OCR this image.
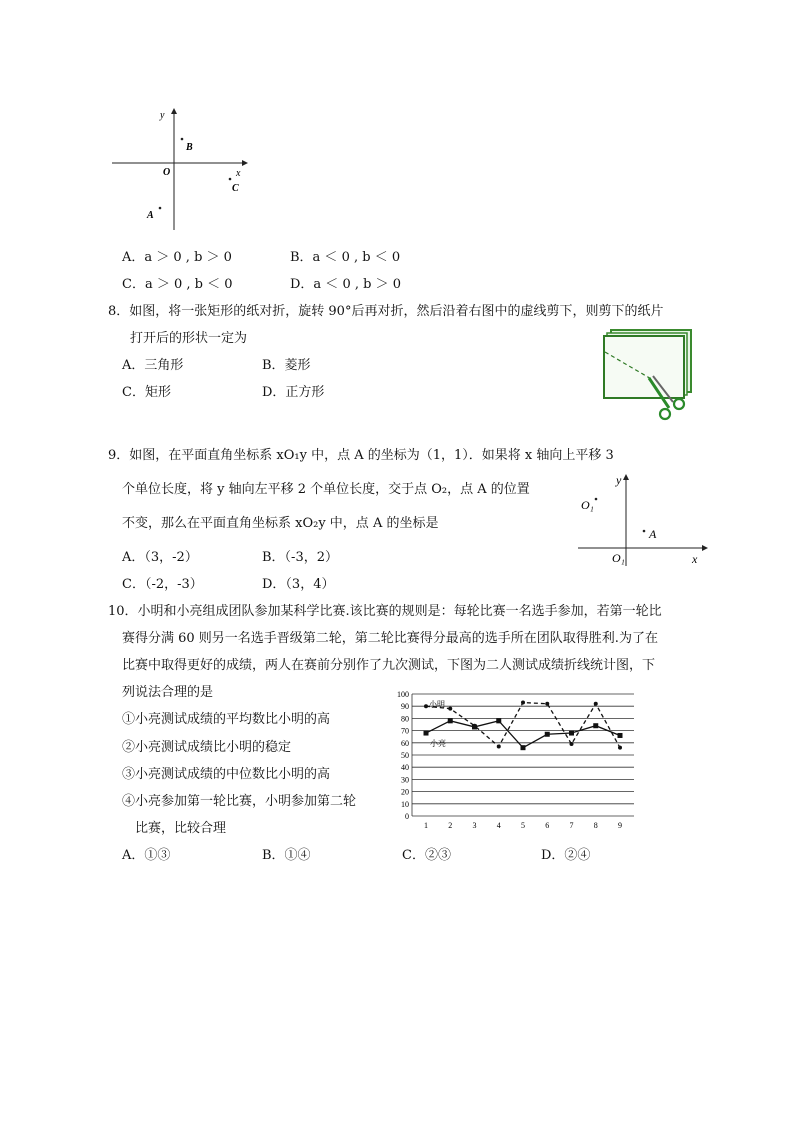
y
x
O
B
C
A
A．a ＞ 0 , b ＞ 0	B．a ＜ 0 , b ＜ 0
C．a ＞ 0 , b ＜ 0	D．a ＜ 0 , b ＞ 0
8．如图，将一张矩形的纸对折，旋转 90°后再对折，然后沿着右图中的虚线剪下，则剪下的纸片
打开后的形状一定为
A．三角形	B．菱形
C．矩形	D．正方形
9．如图，在平面直角坐标系 xO₁y 中，点 A 的坐标为（1，1）．如果将 x 轴向上平移 3
个单位长度，将 y 轴向左平移 2 个单位长度，交于点 O₂，点 A 的位置
不变，那么在平面直角坐标系 xO₂y 中，点 A 的坐标是
A．（3，-2）	B．（-3，2）
C．（-2，-3）	D．（3，4）
y
x
O₁
O₁
A
10．小明和小亮组成团队参加某科学比赛.该比赛的规则是：每轮比赛一名选手参加，若第一轮比
赛得分满 60 则另一名选手晋级第二轮，第二轮比赛得分最高的选手所在团队取得胜利.为了在
比赛中取得更好的成绩，两人在赛前分别作了九次测试，下图为二人测试成绩折线统计图，下
列说法合理的是
①小亮测试成绩的平均数比小明的高
②小亮测试成绩比小明的稳定
③小亮测试成绩的中位数比小明的高
④小亮参加第一轮比赛，小明参加第二轮
比赛，比较合理
A．①③	B．①④	C．②③	D．②④
0
10
20
30
40
50
60
70
80
90
100
1	2	3	4	5	6	7	8	9
小明
小亮
